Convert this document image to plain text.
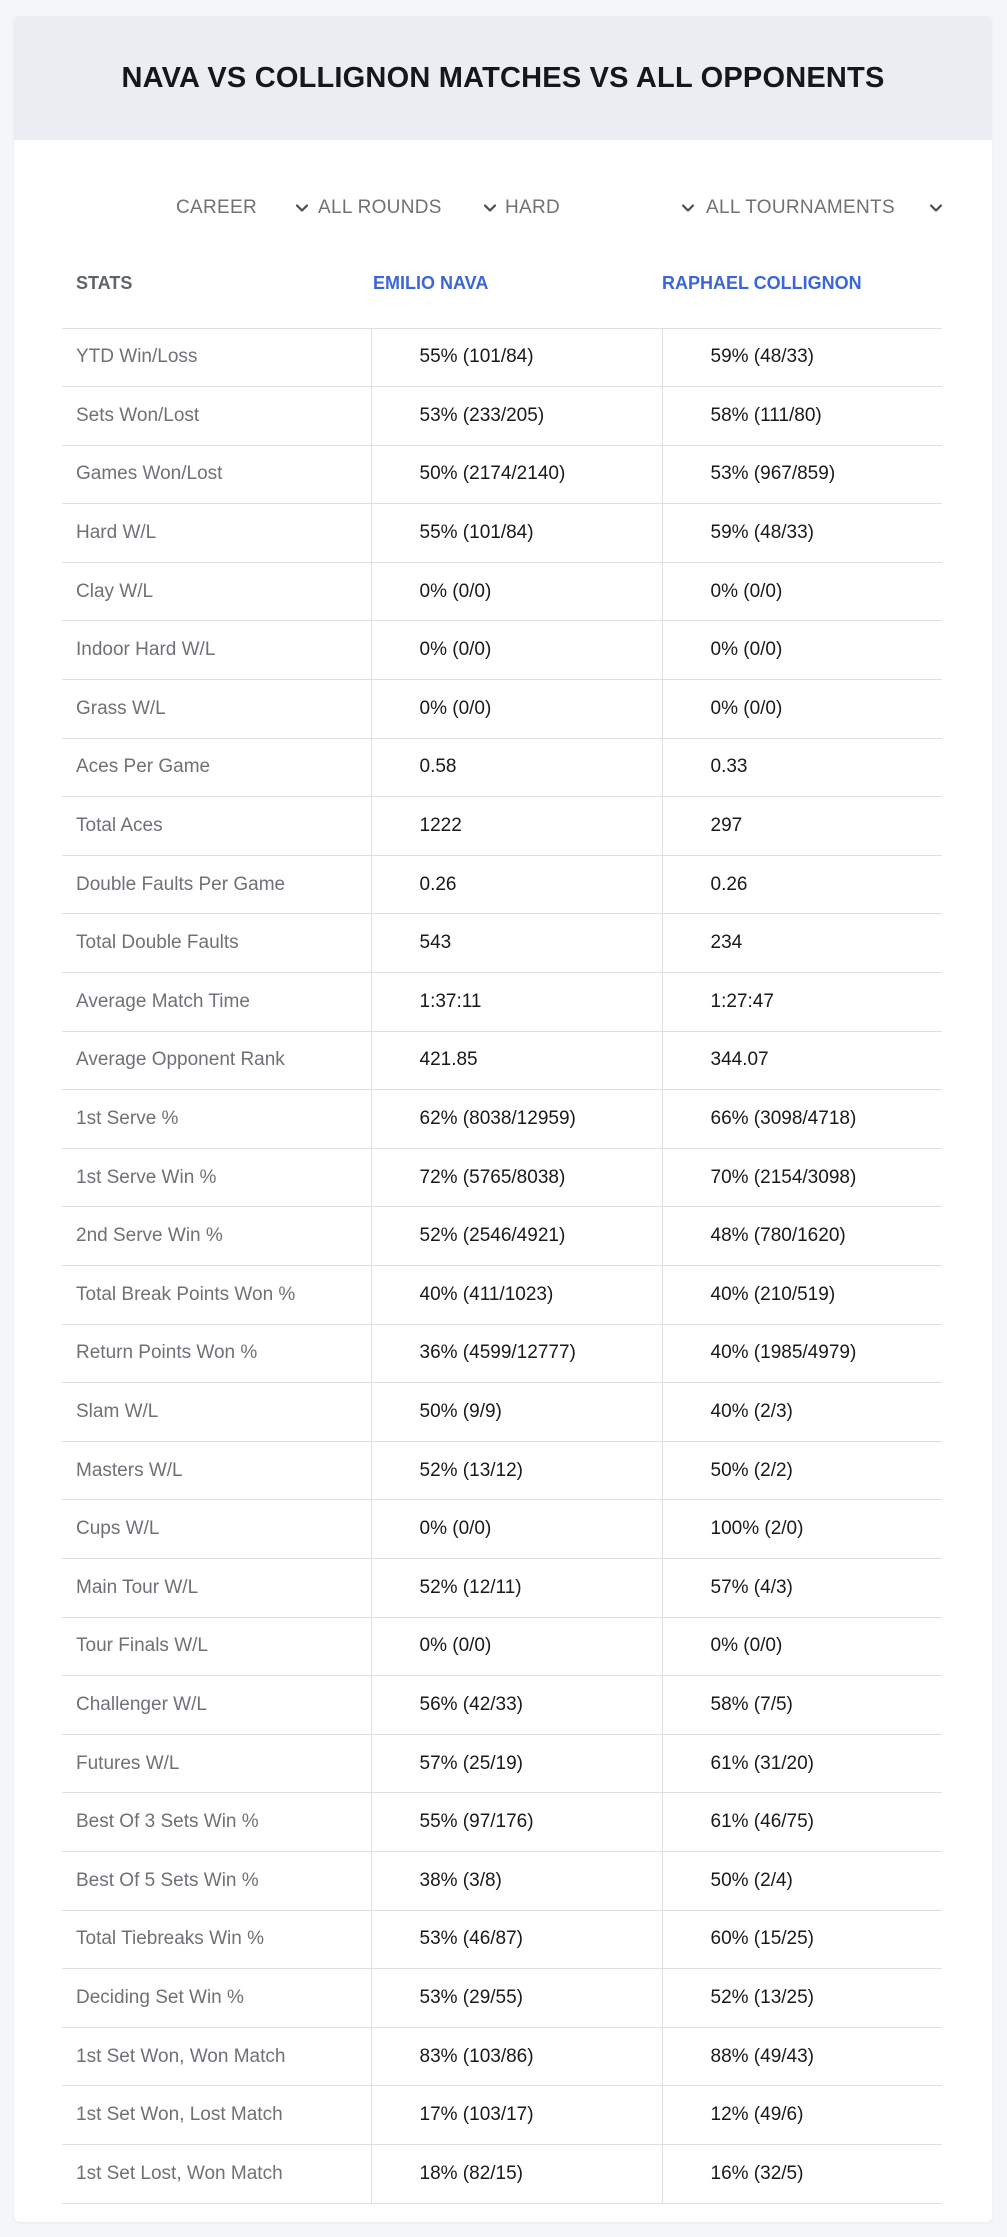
NAVA VS COLLIGNON MATCHES VS ALL OPPONENTS
CAREER	ALL ROUNDS	HARD	ALL TOURNAMENTS
STATS	EMILIO NAVA	RAPHAEL COLLIGNON
YTD Win/Loss	55% (101/84)	59% (48/33)
Sets Won/Lost	53% (233/205)	58% (111/80)
Games Won/Lost	50% (2174/2140)	53% (967/859)
Hard W/L	55% (101/84)	59% (48/33)
Clay W/L	0% (0/0)	0% (0/0)
Indoor Hard W/L	0% (0/0)	0% (0/0)
Grass W/L	0% (0/0)	0% (0/0)
Aces Per Game	0.58	0.33
Total Aces	1222	297
Double Faults Per Game	0.26	0.26
Total Double Faults	543	234
Average Match Time	1:37:11	1:27:47
Average Opponent Rank	421.85	344.07
1st Serve %	62% (8038/12959)	66% (3098/4718)
1st Serve Win %	72% (5765/8038)	70% (2154/3098)
2nd Serve Win %	52% (2546/4921)	48% (780/1620)
Total Break Points Won %	40% (411/1023)	40% (210/519)
Return Points Won %	36% (4599/12777)	40% (1985/4979)
Slam W/L	50% (9/9)	40% (2/3)
Masters W/L	52% (13/12)	50% (2/2)
Cups W/L	0% (0/0)	100% (2/0)
Main Tour W/L	52% (12/11)	57% (4/3)
Tour Finals W/L	0% (0/0)	0% (0/0)
Challenger W/L	56% (42/33)	58% (7/5)
Futures W/L	57% (25/19)	61% (31/20)
Best Of 3 Sets Win %	55% (97/176)	61% (46/75)
Best Of 5 Sets Win %	38% (3/8)	50% (2/4)
Total Tiebreaks Win %	53% (46/87)	60% (15/25)
Deciding Set Win %	53% (29/55)	52% (13/25)
1st Set Won, Won Match	83% (103/86)	88% (49/43)
1st Set Won, Lost Match	17% (103/17)	12% (49/6)
1st Set Lost, Won Match	18% (82/15)	16% (32/5)
